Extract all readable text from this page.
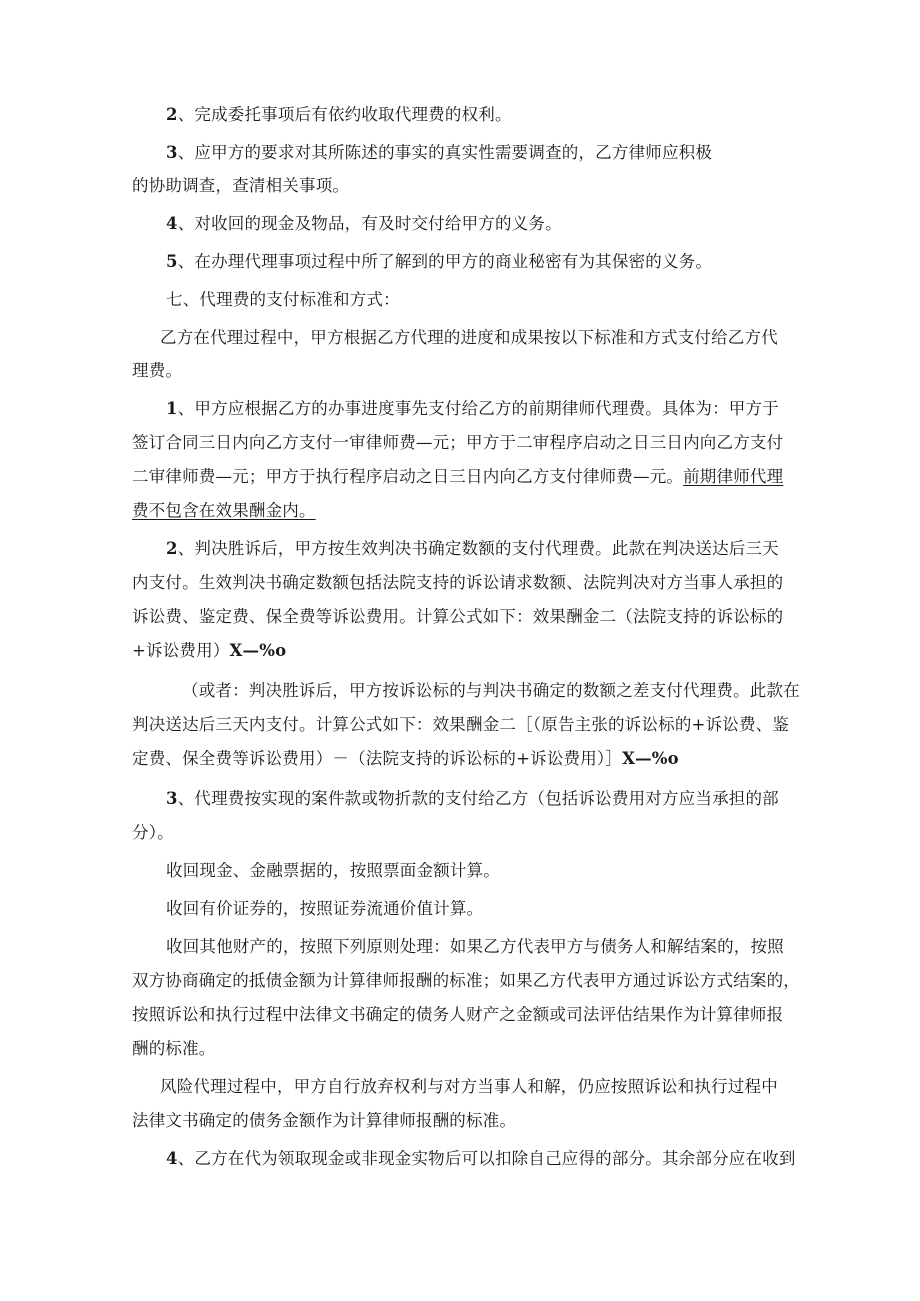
2、完成委托事项后有依约收取代理费的权利。
3、应甲方的要求对其所陈述的事实的真实性需要调查的，乙方律师应积极
的协助调查，查清相关事项。
4、对收回的现金及物品，有及时交付给甲方的义务。
5、在办理代理事项过程中所了解到的甲方的商业秘密有为其保密的义务。
七、代理费的支付标准和方式：
乙方在代理过程中，甲方根据乙方代理的进度和成果按以下标准和方式支付给乙方代
理费。
1、甲方应根据乙方的办事进度事先支付给乙方的前期律师代理费。具体为：甲方于
签订合同三日内向乙方支付一审律师费—元；甲方于二审程序启动之日三日内向乙方支付
二审律师费—元；甲方于执行程序启动之日三日内向乙方支付律师费—元。前期律师代理
费不包含在效果酬金内。
2、判决胜诉后，甲方按生效判决书确定数额的支付代理费。此款在判决送达后三天
内支付。生效判决书确定数额包括法院支持的诉讼请求数额、法院判决对方当事人承担的
诉讼费、鉴定费、保全费等诉讼费用。计算公式如下：效果酬金二（法院支持的诉讼标的
+诉讼费用）X—%o
（或者：判决胜诉后，甲方按诉讼标的与判决书确定的数额之差支付代理费。此款在
判决送达后三天内支付。计算公式如下：效果酬金二［（原告主张的诉讼标的+诉讼费、鉴
定费、保全费等诉讼费用）－（法院支持的诉讼标的+诉讼费用）］X—%o
3、代理费按实现的案件款或物折款的支付给乙方（包括诉讼费用对方应当承担的部
分）。
收回现金、金融票据的，按照票面金额计算。
收回有价证券的，按照证券流通价值计算。
收回其他财产的，按照下列原则处理：如果乙方代表甲方与债务人和解结案的，按照
双方协商确定的抵债金额为计算律师报酬的标准；如果乙方代表甲方通过诉讼方式结案的，
按照诉讼和执行过程中法律文书确定的债务人财产之金额或司法评估结果作为计算律师报
酬的标准。
风险代理过程中，甲方自行放弃权利与对方当事人和解，仍应按照诉讼和执行过程中
法律文书确定的债务金额作为计算律师报酬的标准。
4、乙方在代为领取现金或非现金实物后可以扣除自己应得的部分。其余部分应在收到
